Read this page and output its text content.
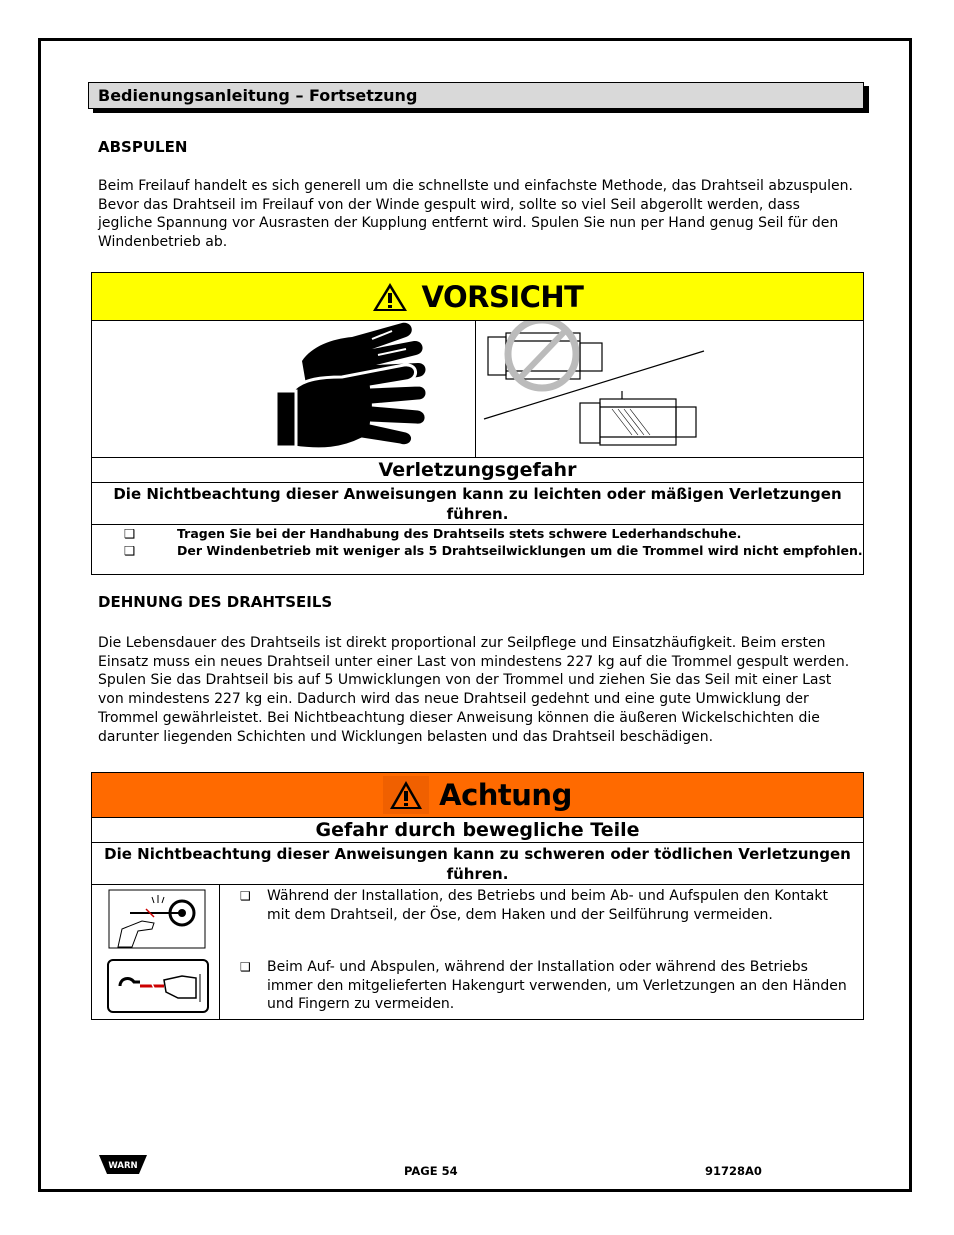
Bedienungsanleitung – Fortsetzung
ABSPULEN
Beim Freilauf handelt es sich generell um die schnellste und einfachste Methode, das Drahtseil abzuspulen. Bevor das Drahtseil im Freilauf von der Winde gespult wird, sollte so viel Seil abgerollt werden, dass jegliche Spannung vor Ausrasten der Kupplung entfernt wird. Spulen Sie nun per Hand genug Seil für den Windenbetrieb ab.
VORSICHT
Verletzungsgefahr
Die Nichtbeachtung dieser Anweisungen kann zu leichten oder mäßigen Verletzungen führen.
❑	Tragen Sie bei der Handhabung des Drahtseils stets schwere Lederhandschuhe.
❑	Der Windenbetrieb mit weniger als 5 Drahtseilwicklungen um die Trommel wird nicht empfohlen.
DEHNUNG DES DRAHTSEILS
Die Lebensdauer des Drahtseils ist direkt proportional zur Seilpflege und Einsatzhäufigkeit. Beim ersten Einsatz muss ein neues Drahtseil unter einer Last von mindestens 227 kg auf die Trommel gespult werden. Spulen Sie das Drahtseil bis auf 5 Umwicklungen von der Trommel und ziehen Sie das Seil mit einer Last von mindestens 227 kg ein. Dadurch wird das neue Drahtseil gedehnt und eine gute Umwicklung der Trommel gewährleistet. Bei Nichtbeachtung dieser Anweisung können die äußeren Wickelschichten die darunter liegenden Schichten und Wicklungen belasten und das Drahtseil beschädigen.
Achtung
Gefahr durch bewegliche Teile
Die Nichtbeachtung dieser Anweisungen kann zu schweren oder tödlichen Verletzungen führen.
❑	Während der Installation, des Betriebs und beim Ab- und Aufspulen den Kontakt mit dem Drahtseil, der Öse, dem Haken und der Seilführung vermeiden.
❑	Beim Auf- und Abspulen, während der Installation oder während des Betriebs immer den mitgelieferten Hakengurt verwenden, um Verletzungen an den Händen und Fingern zu vermeiden.
WARN	PAGE 54	91728A0
